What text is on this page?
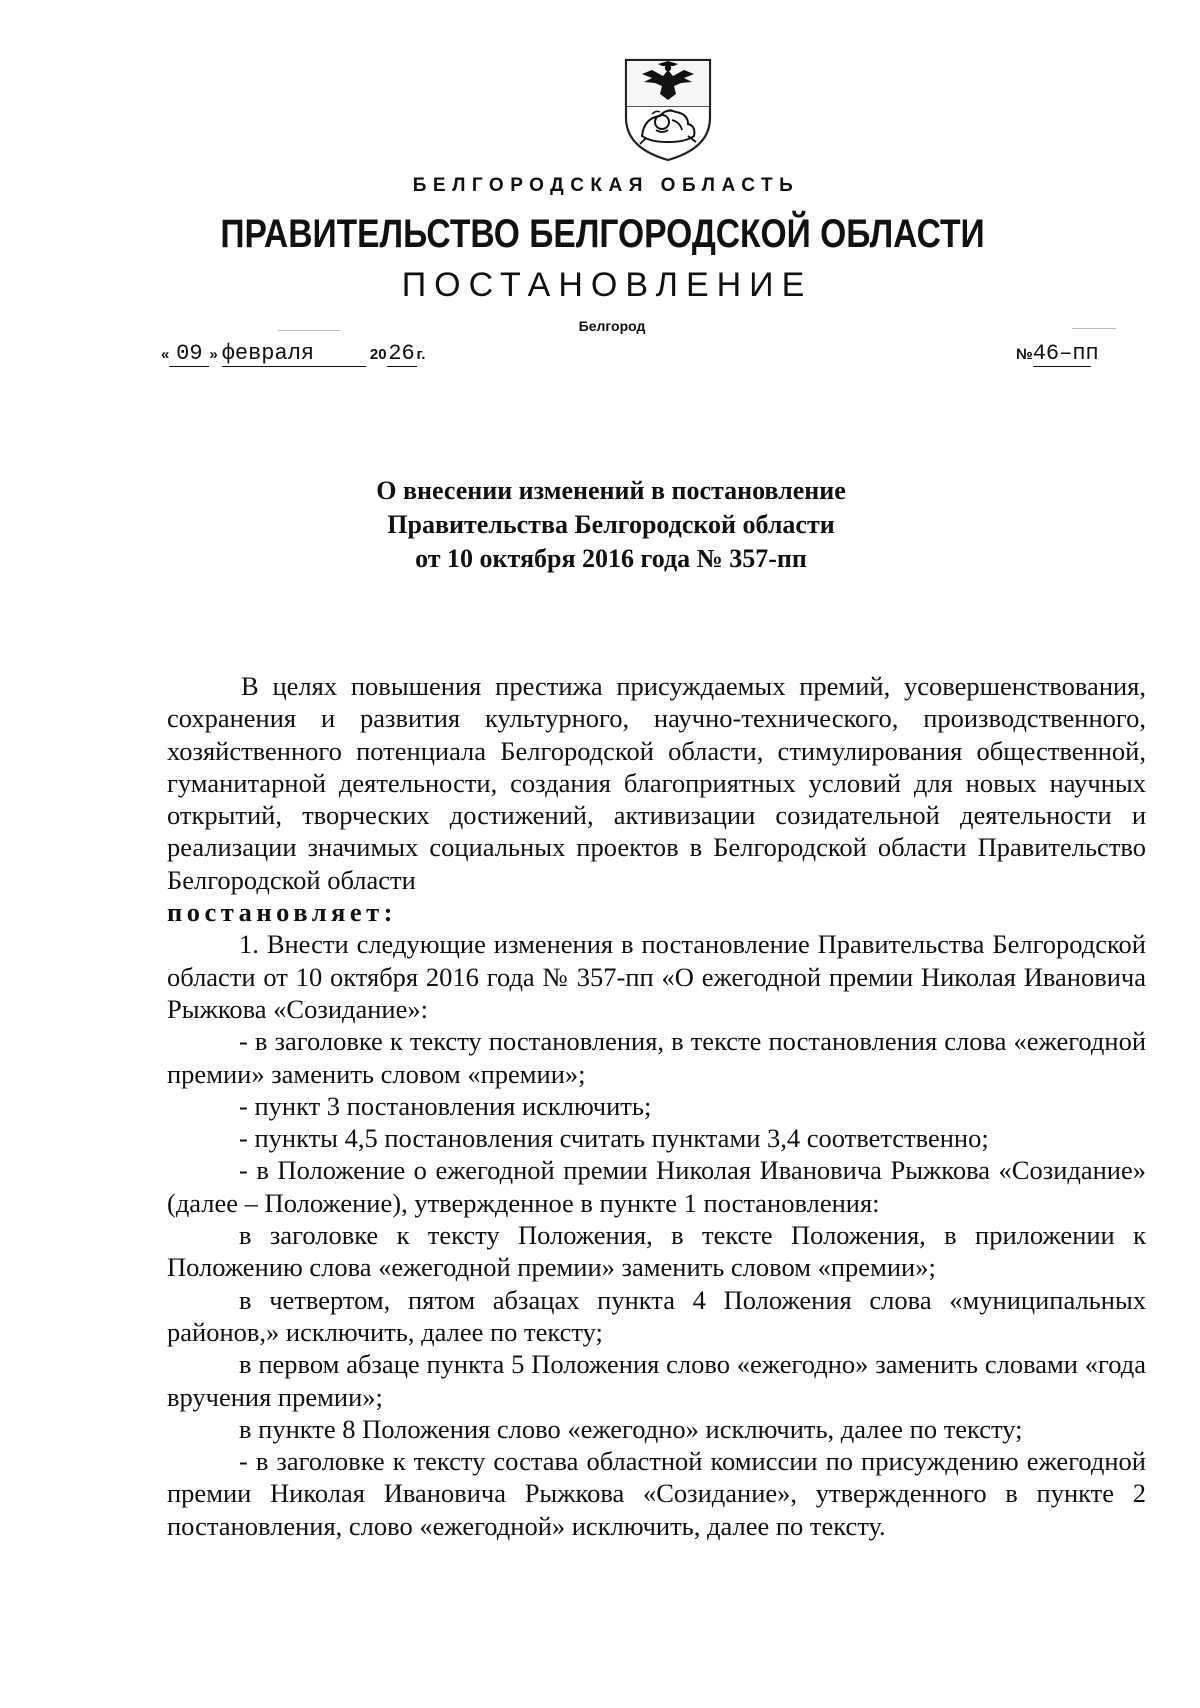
БЕЛГОРОДСКАЯ ОБЛАСТЬ
ПРАВИТЕЛЬСТВО БЕЛГОРОДСКОЙ ОБЛАСТИ
ПОСТАНОВЛЕНИЕ
Белгород
« 09 » февраля	2026 г.	№46–пп
О внесении изменений в постановление
Правительства Белгородской области
от 10 октября 2016 года № 357-пп

В целях повышения престижа присуждаемых премий, усовершенствования, сохранения и развития культурного, научно-технического, производственного, хозяйственного потенциала Белгородской области, стимулирования общественной, гуманитарной деятельности, создания благоприятных условий для новых научных открытий, творческих достижений, активизации созидательной деятельности и реализации значимых социальных проектов в Белгородской области Правительство Белгородской области
постановляет:

1. Внести следующие изменения в постановление Правительства Белгородской области от 10 октября 2016 года № 357-пп «О ежегодной премии Николая Ивановича Рыжкова «Созидание»:

- в заголовке к тексту постановления, в тексте постановления слова «ежегодной премии» заменить словом «премии»;

- пункт 3 постановления исключить;

- пункты 4,5 постановления считать пунктами 3,4 соответственно;

- в Положение о ежегодной премии Николая Ивановича Рыжкова «Созидание» (далее – Положение), утвержденное в пункте 1 постановления:

в заголовке к тексту Положения, в тексте Положения, в приложении к Положению слова «ежегодной премии» заменить словом «премии»;

в четвертом, пятом абзацах пункта 4 Положения слова «муниципальных районов,» исключить, далее по тексту;

в первом абзаце пункта 5 Положения слово «ежегодно» заменить словами «года вручения премии»;

в пункте 8 Положения слово «ежегодно» исключить, далее по тексту;

- в заголовке к тексту состава областной комиссии по присуждению ежегодной премии Николая Ивановича Рыжкова «Созидание», утвержденного в пункте 2 постановления, слово «ежегодной» исключить, далее по тексту.
